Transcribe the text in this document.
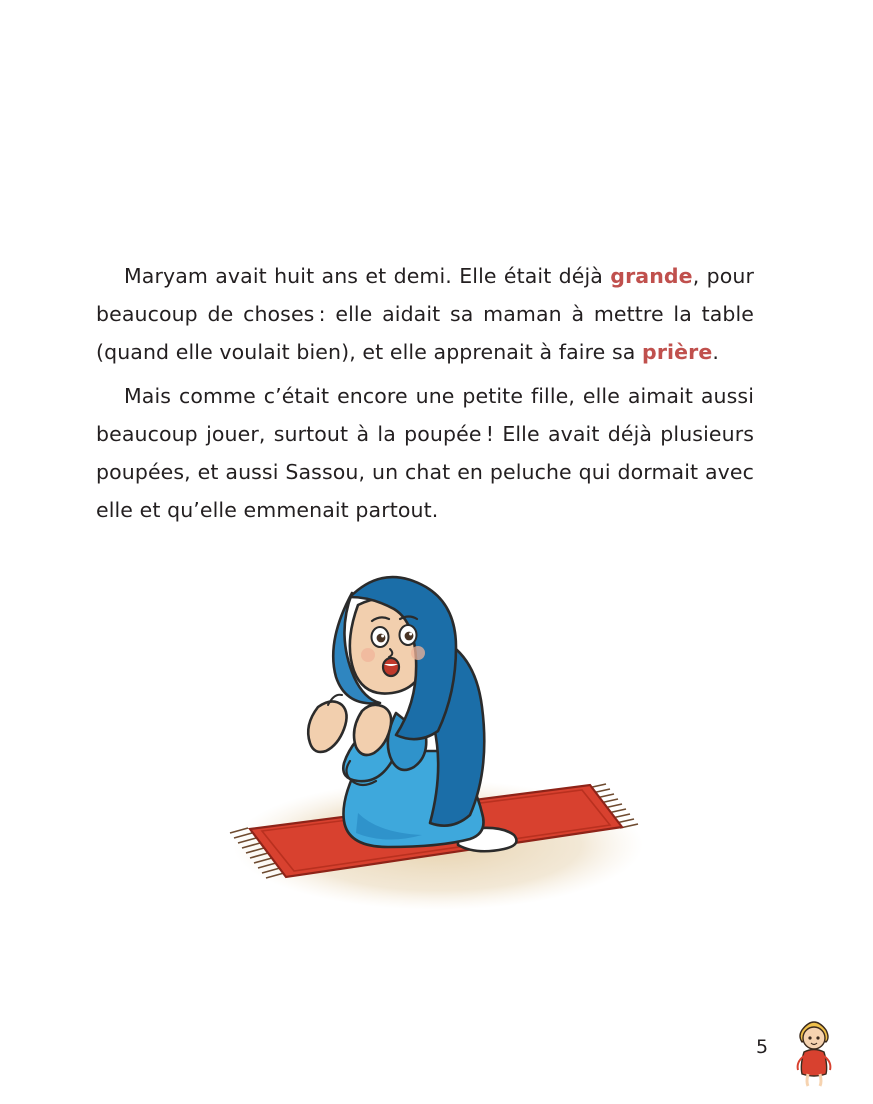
Maryam avait huit ans et demi. Elle était déjà grande, pour beaucoup de choses : elle aidait sa maman à mettre la table (quand elle voulait bien), et elle apprenait à faire sa prière.

Mais comme c’était encore une petite fille, elle aimait aussi beaucoup jouer, surtout à la poupée ! Elle avait déjà plusieurs poupées, et aussi Sassou, un chat en peluche qui dormait avec elle et qu’elle emmenait partout.

5
